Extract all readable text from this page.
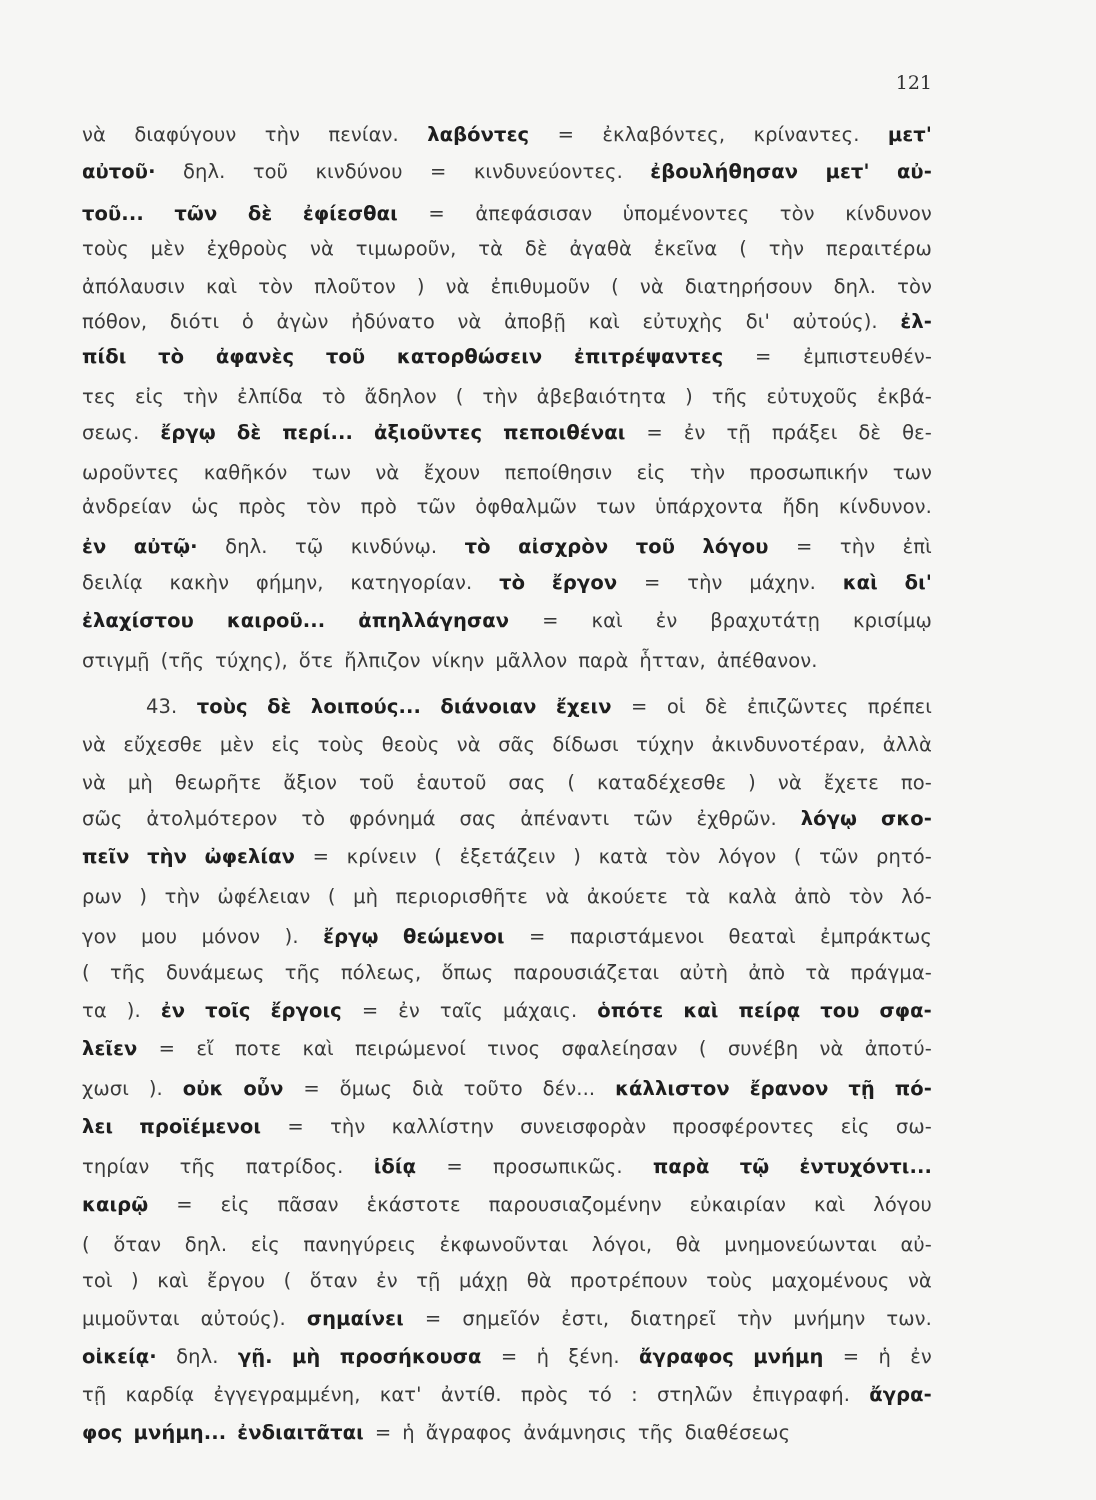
121
νὰ διαφύγουν τὴν πενίαν. λαβόντες = ἐκλαβόντες, κρίναντες. μετ'
αὐτοῦ· δηλ. τοῦ κινδύνου = κινδυνεύοντες. ἐβουλήθησαν μετ' αὐ-
τοῦ... τῶν δὲ ἐφίεσθαι = ἀπεφάσισαν ὑπομένοντες τὸν κίνδυνον
τοὺς μὲν ἐχθροὺς νὰ τιμωροῦν, τὰ δὲ ἀγαθὰ ἐκεῖνα ( τὴν περαιτέρω
ἀπόλαυσιν καὶ τὸν πλοῦτον ) νὰ ἐπιθυμοῦν ( νὰ διατηρήσουν δηλ. τὸν
πόθον, διότι ὁ ἀγὼν ἠδύνατο νὰ ἀποβῇ καὶ εὐτυχὴς δι' αὐτούς). ἐλ-
πίδι τὸ ἀφανὲς τοῦ κατορθώσειν ἐπιτρέψαντες = ἐμπιστευθέν-
τες εἰς τὴν ἐλπίδα τὸ ἄδηλον ( τὴν ἀβεβαιότητα ) τῆς εὐτυχοῦς ἐκβά-
σεως. ἔργῳ δὲ περί... ἀξιοῦντες πεποιθέναι = ἐν τῇ πράξει δὲ θε-
ωροῦντες καθῆκόν των νὰ ἔχουν πεποίθησιν εἰς τὴν προσωπικήν των
ἀνδρείαν ὡς πρὸς τὸν πρὸ τῶν ὀφθαλμῶν των ὑπάρχοντα ἤδη κίνδυνον.
ἐν αὐτῷ· δηλ. τῷ κινδύνῳ. τὸ αἰσχρὸν τοῦ λόγου = τὴν ἐπὶ
δειλίᾳ κακὴν φήμην, κατηγορίαν. τὸ ἔργον = τὴν μάχην. καὶ δι'
ἐλαχίστου καιροῦ... ἀπηλλάγησαν = καὶ ἐν βραχυτάτῃ κρισίμῳ
στιγμῇ (τῆς τύχης), ὅτε ἤλπιζον νίκην μᾶλλον παρὰ ἧτταν, ἀπέθανον.
43. τοὺς δὲ λοιπούς... διάνοιαν ἔχειν = οἱ δὲ ἐπιζῶντες πρέπει
νὰ εὔχεσθε μὲν εἰς τοὺς θεοὺς νὰ σᾶς δίδωσι τύχην ἀκινδυνοτέραν, ἀλλὰ
νὰ μὴ θεωρῆτε ἄξιον τοῦ ἑαυτοῦ σας ( καταδέχεσθε ) νὰ ἔχετε πο-
σῶς ἀτολμότερον τὸ φρόνημά σας ἀπέναντι τῶν ἐχθρῶν. λόγῳ σκο-
πεῖν τὴν ὠφελίαν = κρίνειν ( ἐξετάζειν ) κατὰ τὸν λόγον ( τῶν ρητό-
ρων ) τὴν ὠφέλειαν ( μὴ περιορισθῆτε νὰ ἀκούετε τὰ καλὰ ἀπὸ τὸν λό-
γον μου μόνον ). ἔργῳ θεώμενοι = παριστάμενοι θεαταὶ ἐμπράκτως
( τῆς δυνάμεως τῆς πόλεως, ὅπως παρουσιάζεται αὐτὴ ἀπὸ τὰ πράγμα-
τα ). ἐν τοῖς ἔργοις = ἐν ταῖς μάχαις. ὁπότε καὶ πείρᾳ του σφα-
λεῖεν = εἴ ποτε καὶ πειρώμενοί τινος σφαλείησαν ( συνέβη νὰ ἀποτύ-
χωσι ). οὐκ οὖν = ὅμως διὰ τοῦτο δέν... κάλλιστον ἔρανον τῇ πό-
λει προϊέμενοι = τὴν καλλίστην συνεισφορὰν προσφέροντες εἰς σω-
τηρίαν τῆς πατρίδος. ἰδίᾳ = προσωπικῶς. παρὰ τῷ ἐντυχόντι...
καιρῷ = εἰς πᾶσαν ἑκάστοτε παρουσιαζομένην εὐκαιρίαν καὶ λόγου
( ὅταν δηλ. εἰς πανηγύρεις ἐκφωνοῦνται λόγοι, θὰ μνημονεύωνται αὐ-
τοὶ ) καὶ ἔργου ( ὅταν ἐν τῇ μάχῃ θὰ προτρέπουν τοὺς μαχομένους νὰ
μιμοῦνται αὐτούς). σημαίνει = σημεῖόν ἐστι, διατηρεῖ τὴν μνήμην των.
οἰκείᾳ· δηλ. γῇ. μὴ προσήκουσα = ἡ ξένη. ἄγραφος μνήμη = ἡ ἐν
τῇ καρδίᾳ ἐγγεγραμμένη, κατ' ἀντίθ. πρὸς τό : στηλῶν ἐπιγραφή. ἄγρα-
φος μνήμη... ἐνδιαιτᾶται = ἡ ἄγραφος ἀνάμνησις τῆς διαθέσεως
